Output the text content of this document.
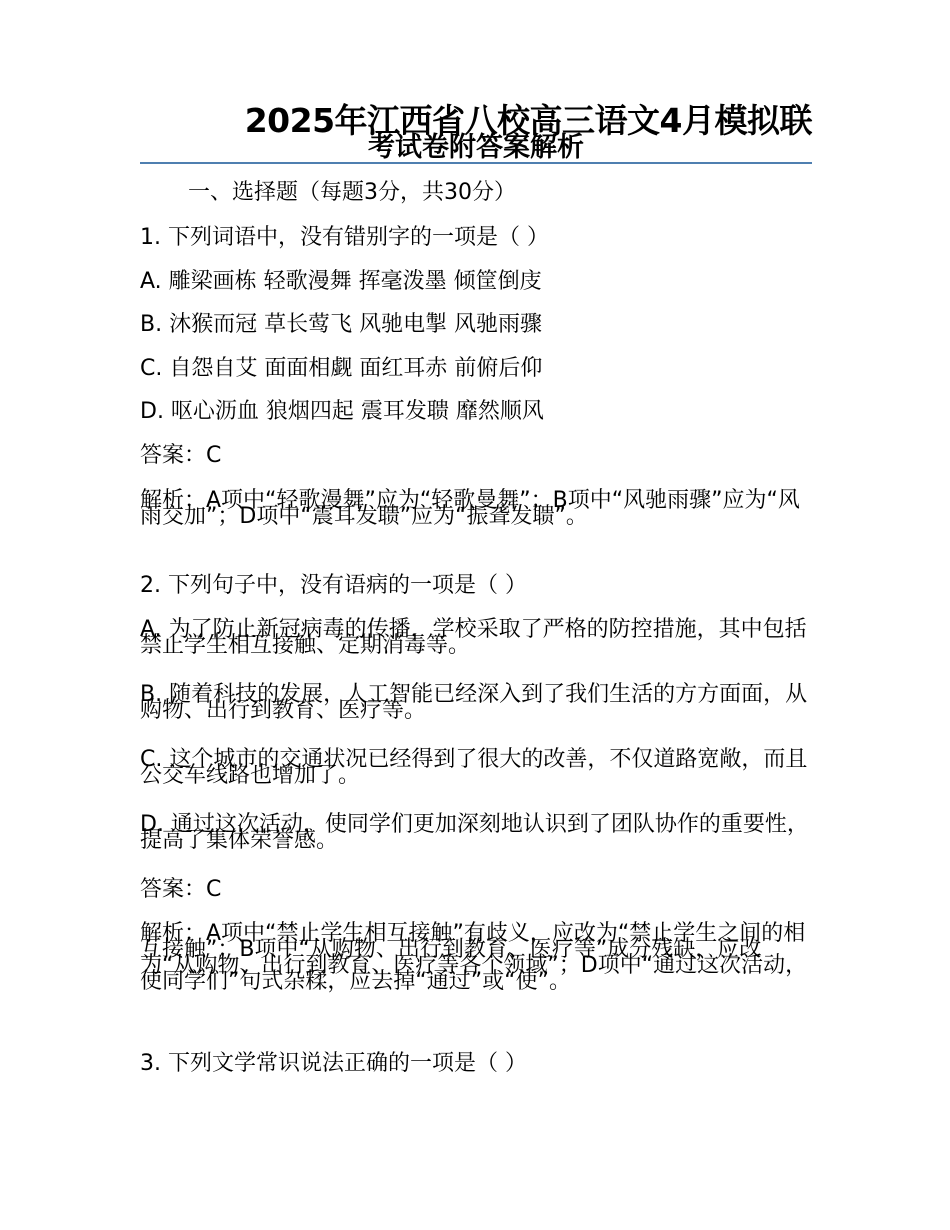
2025年江西省八校高三语文4月模拟联
考试卷附答案解析
一、选择题（每题3分，共30分）
1. 下列词语中，没有错别字的一项是（ ）
A. 雕梁画栋 轻歌漫舞 挥毫泼墨 倾筐倒庋
B. 沐猴而冠 草长莺飞 风驰电掣 风驰雨骤
C. 自怨自艾 面面相觑 面红耳赤 前俯后仰
D. 呕心沥血 狼烟四起 震耳发聩 靡然顺风
答案：C
解析：A项中“轻歌漫舞”应为“轻歌曼舞”；B项中“风驰雨骤”应为“风雨交加”；D项中“震耳发聩”应为“振聋发聩”。
2. 下列句子中，没有语病的一项是（ ）
A. 为了防止新冠病毒的传播，学校采取了严格的防控措施，其中包括禁止学生相互接触、定期消毒等。
B. 随着科技的发展，人工智能已经深入到了我们生活的方方面面，从购物、出行到教育、医疗等。
C. 这个城市的交通状况已经得到了很大的改善，不仅道路宽敞，而且公交车线路也增加了。
D. 通过这次活动，使同学们更加深刻地认识到了团队协作的重要性，提高了集体荣誉感。
答案：C
解析：A项中“禁止学生相互接触”有歧义，应改为“禁止学生之间的相互接触”；B项中“从购物、出行到教育、医疗等”成分残缺，应改为“从购物、出行到教育、医疗等各个领域”；D项中“通过这次活动，使同学们”句式杂糅，应去掉“通过”或“使”。
3. 下列文学常识说法正确的一项是（ ）
